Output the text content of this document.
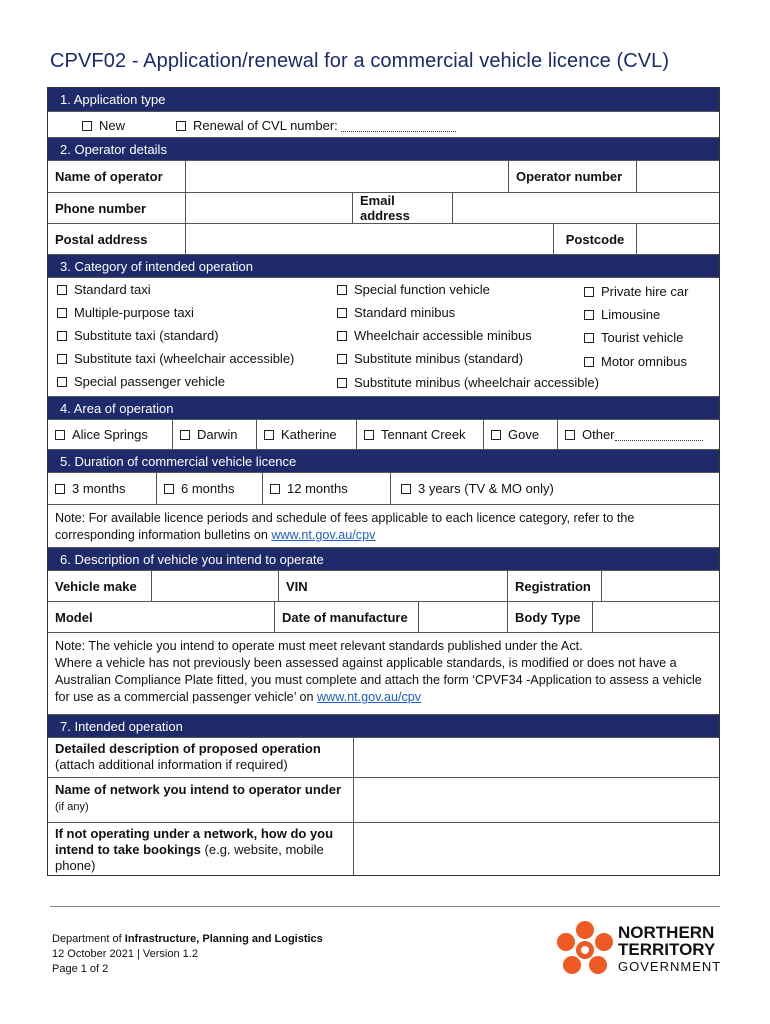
CPVF02 - Application/renewal for a commercial vehicle licence (CVL)
1. Application type
New	Renewal of CVL number:
2. Operator details
Name of operator	Operator number
Phone number	Email address
Postal address	Postcode
3. Category of intended operation
Standard taxi
Multiple-purpose taxi
Substitute taxi (standard)
Substitute taxi (wheelchair accessible)
Special passenger vehicle
Special function vehicle
Standard minibus
Wheelchair accessible minibus
Substitute minibus (standard)
Substitute minibus (wheelchair accessible)
Private hire car
Limousine
Tourist vehicle
Motor omnibus
4. Area of operation
Alice Springs	Darwin	Katherine	Tennant Creek	Gove	Other
5. Duration of commercial vehicle licence
3 months	6 months	12 months	3 years (TV & MO only)
Note: For available licence periods and schedule of fees applicable to each licence category, refer to the corresponding information bulletins on www.nt.gov.au/cpv
6. Description of vehicle you intend to operate
Vehicle make	VIN	Registration
Model	Date of manufacture	Body Type
Note: The vehicle you intend to operate must meet relevant standards published under the Act.
Where a vehicle has not previously been assessed against applicable standards, is modified or does not have a Australian Compliance Plate fitted, you must complete and attach the form ‘CPVF34 -Application to assess a vehicle for use as a commercial passenger vehicle’ on www.nt.gov.au/cpv
7. Intended operation
Detailed description of proposed operation
(attach additional information if required)
Name of network you intend to operator under (if any)
If not operating under a network, how do you intend to take bookings (e.g. website, mobile phone)
Department of Infrastructure, Planning and Logistics
12 October 2021 | Version 1.2
Page 1 of 2
NORTHERN
TERRITORY
GOVERNMENT
